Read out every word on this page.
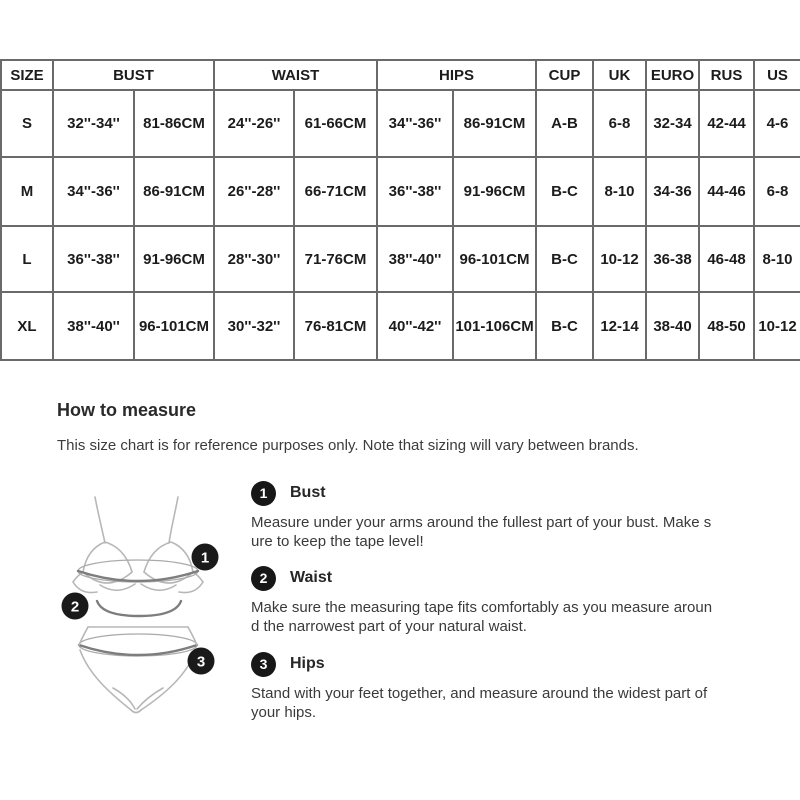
SIZE	BUST		WAIST		HIPS		CUP	UK	EURO	RUS	US
S	32''-34''	81-86CM	24''-26''	61-66CM	34''-36''	86-91CM	A-B	6-8	32-34	42-44	4-6
M	34''-36''	86-91CM	26''-28''	66-71CM	36''-38''	91-96CM	B-C	8-10	34-36	44-46	6-8
L	36''-38''	91-96CM	28''-30''	71-76CM	38''-40''	96-101CM	B-C	10-12	36-38	46-48	8-10
XL	38''-40''	96-101CM	30''-32''	76-81CM	40''-42''	101-106CM	B-C	12-14	38-40	48-50	10-12
How to measure
This size chart is for reference purposes only. Note that sizing will vary between brands.
1
2
3
1	Bust
Measure under your arms around the fullest part of your bust. Make s
ure to keep the tape level!
2	Waist
Make sure the measuring tape fits comfortably as you measure aroun
d the narrowest part of your natural waist.
3	Hips
Stand with your feet together, and measure around the widest part of
your hips.
